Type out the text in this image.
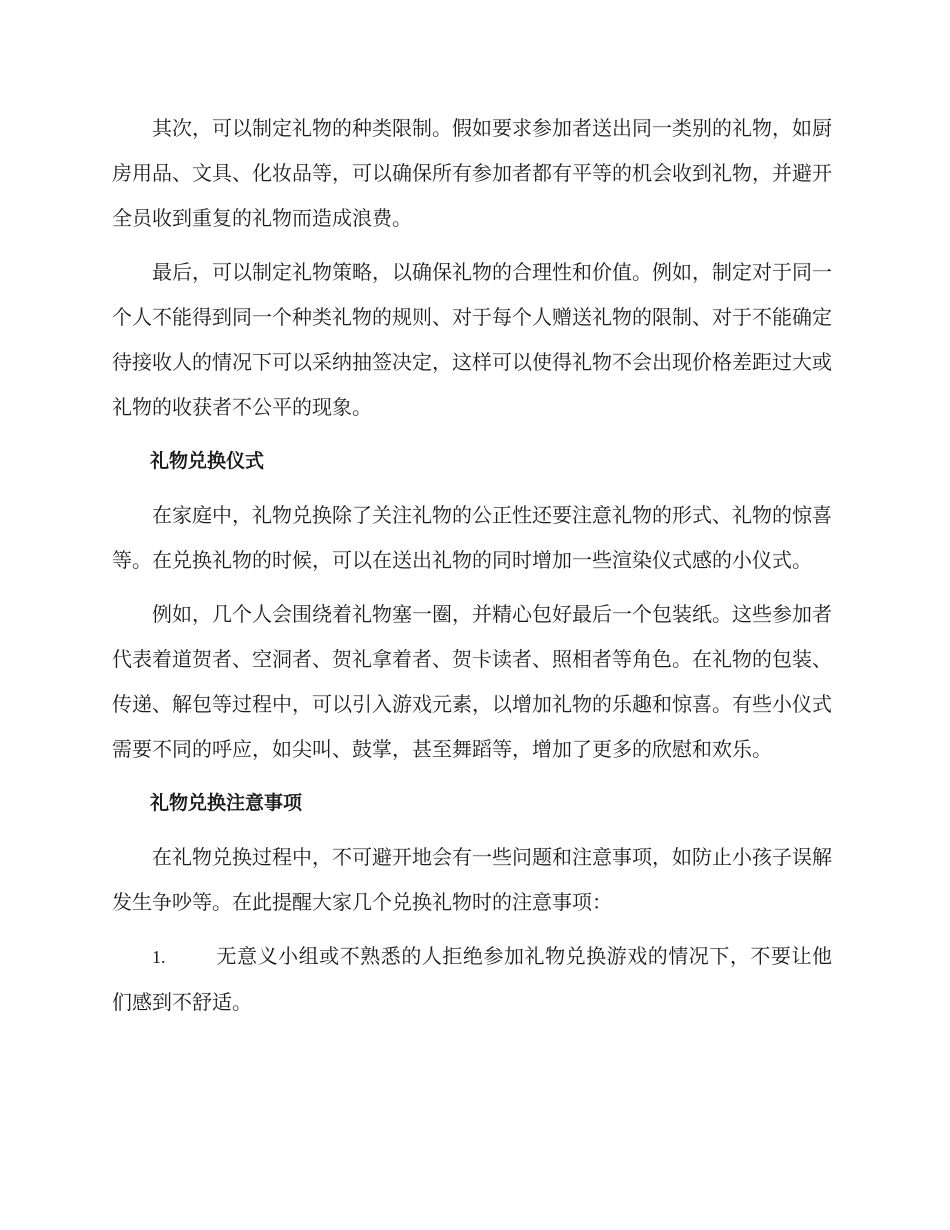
其次，可以制定礼物的种类限制。假如要求参加者送出同一类别的礼物，如厨房用品、文具、化妆品等，可以确保所有参加者都有平等的机会收到礼物，并避开全员收到重复的礼物而造成浪费。

最后，可以制定礼物策略，以确保礼物的合理性和价值。例如，制定对于同一个人不能得到同一个种类礼物的规则、对于每个人赠送礼物的限制、对于不能确定待接收人的情况下可以采纳抽签决定，这样可以使得礼物不会出现价格差距过大或礼物的收获者不公平的现象。

礼物兑换仪式

在家庭中，礼物兑换除了关注礼物的公正性还要注意礼物的形式、礼物的惊喜等。在兑换礼物的时候，可以在送出礼物的同时增加一些渲染仪式感的小仪式。

例如，几个人会围绕着礼物塞一圈，并精心包好最后一个包装纸。这些参加者代表着道贺者、空洞者、贺礼拿着者、贺卡读者、照相者等角色。在礼物的包装、传递、解包等过程中，可以引入游戏元素，以增加礼物的乐趣和惊喜。有些小仪式需要不同的呼应，如尖叫、鼓掌，甚至舞蹈等，增加了更多的欣慰和欢乐。

礼物兑换注意事项

在礼物兑换过程中，不可避开地会有一些问题和注意事项，如防止小孩子误解发生争吵等。在此提醒大家几个兑换礼物时的注意事项：

1.	无意义小组或不熟悉的人拒绝参加礼物兑换游戏的情况下，不要让他们感到不舒适。
